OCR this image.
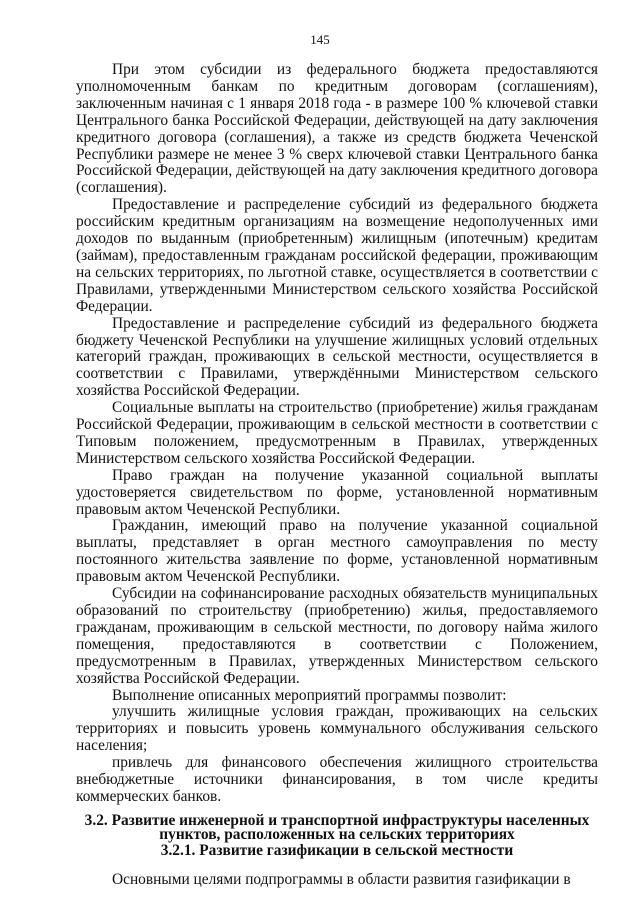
145

При этом субсидии из федерального бюджета предоставляются уполномоченным банкам по кредитным договорам (соглашениям), заключенным начиная с 1 января 2018 года - в размере 100 % ключевой ставки Центрального банка Российской Федерации, действующей на дату заключения кредитного договора (соглашения), а также из средств бюджета Чеченской Республики размере не менее 3 % сверх ключевой ставки Центрального банка Российской Федерации, действующей на дату заключения кредитного договора (соглашения).

Предоставление и распределение субсидий из федерального бюджета российским кредитным организациям на возмещение недополученных ими доходов по выданным (приобретенным) жилищным (ипотечным) кредитам (займам), предоставленным гражданам российской федерации, проживающим на сельских территориях, по льготной ставке, осуществляется в соответствии с Правилами, утвержденными Министерством сельского хозяйства Российской Федерации.

Предоставление и распределение субсидий из федерального бюджета бюджету Чеченской Республики на улучшение жилищных условий отдельных категорий граждан, проживающих в сельской местности, осуществляется в соответствии с Правилами, утверждёнными Министерством сельского хозяйства Российской Федерации.

Социальные выплаты на строительство (приобретение) жилья гражданам Российской Федерации, проживающим в сельской местности в соответствии с Типовым положением, предусмотренным в Правилах, утвержденных Министерством сельского хозяйства Российской Федерации.

Право граждан на получение указанной социальной выплаты удостоверяется свидетельством по форме, установленной нормативным правовым актом Чеченской Республики.

Гражданин, имеющий право на получение указанной социальной выплаты, представляет в орган местного самоуправления по месту постоянного жительства заявление по форме, установленной нормативным правовым актом Чеченской Республики.

Субсидии на софинансирование расходных обязательств муниципальных образований по строительству (приобретению) жилья, предоставляемого гражданам, проживающим в сельской местности, по договору найма жилого помещения, предоставляются в соответствии с Положением, предусмотренным в Правилах, утвержденных Министерством сельского хозяйства Российской Федерации.

Выполнение описанных мероприятий программы позволит:

улучшить жилищные условия граждан, проживающих на сельских территориях и повысить уровень коммунального обслуживания сельского населения;

привлечь для финансового обеспечения жилищного строительства внебюджетные источники финансирования, в том числе кредиты коммерческих банков.

3.2. Развитие инженерной и транспортной инфраструктуры населенных пунктов, расположенных на сельских территориях
3.2.1. Развитие газификации в сельской местности

Основными целями подпрограммы в области развития газификации в
